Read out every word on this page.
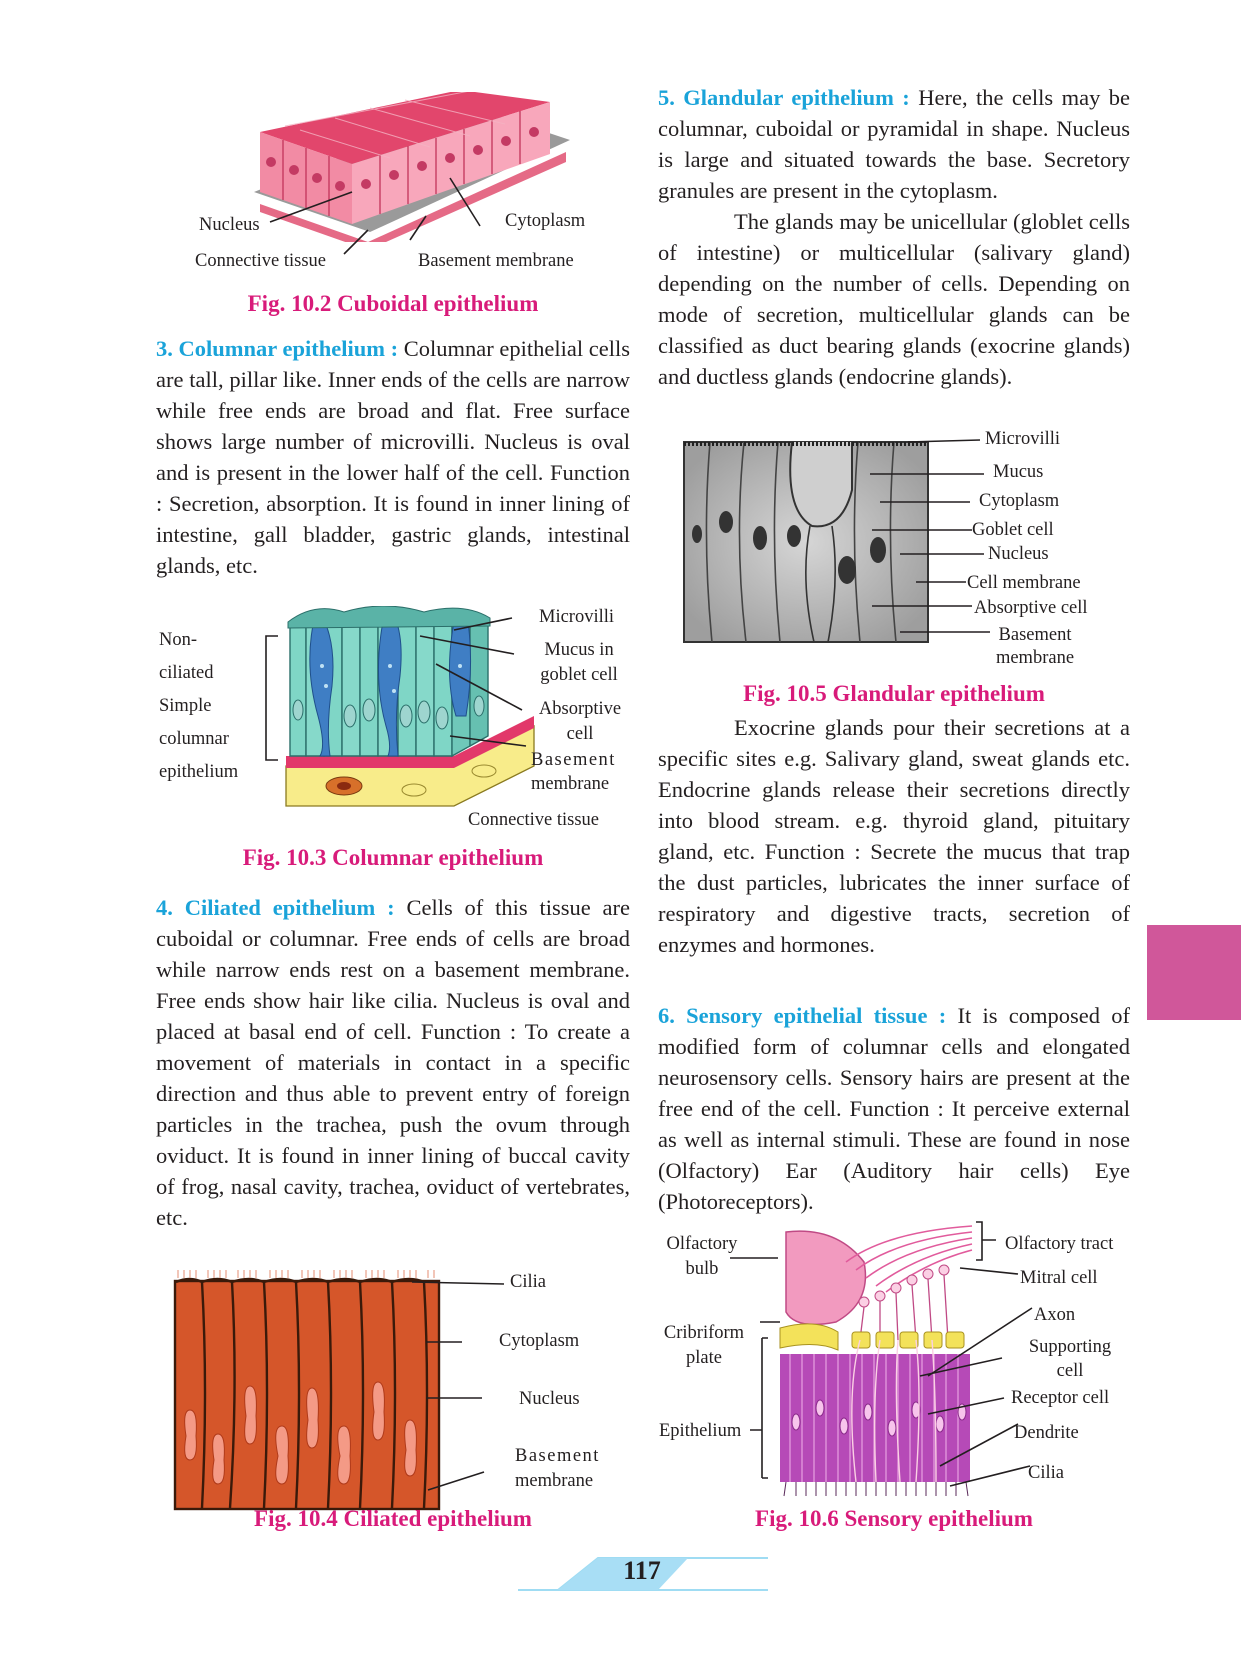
Nucleus	Cytoplasm
Connective tissue	Basement membrane
Fig. 10.2 Cuboidal epithelium

3. Columnar epithelium : Columnar epithelial cells are tall, pillar like. Inner ends of the cells are narrow while free ends are broad and flat. Free surface shows large number of microvilli. Nucleus is oval and is present in the lower half of the cell. Function : Secretion, absorption. It is found in inner lining of intestine, gall bladder, gastric glands, intestinal glands, etc.

Non-
ciliated
Simple
columnar
epithelium
Microvilli
Mucus in
goblet cell
Absorptive
cell
Basement
membrane
Connective tissue
Fig. 10.3 Columnar epithelium

4. Ciliated epithelium : Cells of this tissue are cuboidal or columnar. Free ends of cells are broad while narrow ends rest on a basement membrane. Free ends show hair like cilia. Nucleus is oval and placed at basal end of cell. Function : To create a movement of materials in contact in a specific direction and thus able to prevent entry of foreign particles in the trachea, push the ovum through oviduct. It is found in inner lining of buccal cavity of frog, nasal cavity, trachea, oviduct of vertebrates, etc.

Cilia
Cytoplasm
Nucleus
Basement
membrane
Fig. 10.4 Ciliated epithelium

5. Glandular epithelium : Here, the cells may be columnar, cuboidal or pyramidal in shape. Nucleus is large and situated towards the base. Secretory granules are present in the cytoplasm.

The glands may be unicellular (globlet cells of intestine) or multicellular (salivary gland) depending on the number of cells. Depending on mode of secretion, multicellular glands can be classified as duct bearing glands (exocrine glands) and ductless glands (endocrine glands).

Microvilli
Mucus
Cytoplasm
Goblet cell
Nucleus
Cell membrane
Absorptive cell
Basement
membrane
Fig. 10.5 Glandular epithelium

Exocrine glands pour their secretions at a specific sites e.g. Salivary gland, sweat glands etc. Endocrine glands release their secretions directly into blood stream. e.g. thyroid gland, pituitary gland, etc. Function : Secrete the mucus that trap the dust particles, lubricates the inner surface of respiratory and digestive tracts, secretion of enzymes and hormones.

6. Sensory epithelial tissue : It is composed of modified form of columnar cells and elongated neurosensory cells. Sensory hairs are present at the free end of the cell. Function : It perceive external as well as internal stimuli. These are found in nose (Olfactory) Ear (Auditory hair cells) Eye (Photoreceptors).

Olfactory
bulb
Cribriform
plate
Epithelium
Olfactory tract
Mitral cell
Axon
Supporting
cell
Receptor cell
Dendrite
Cilia
Fig. 10.6 Sensory epithelium
117
